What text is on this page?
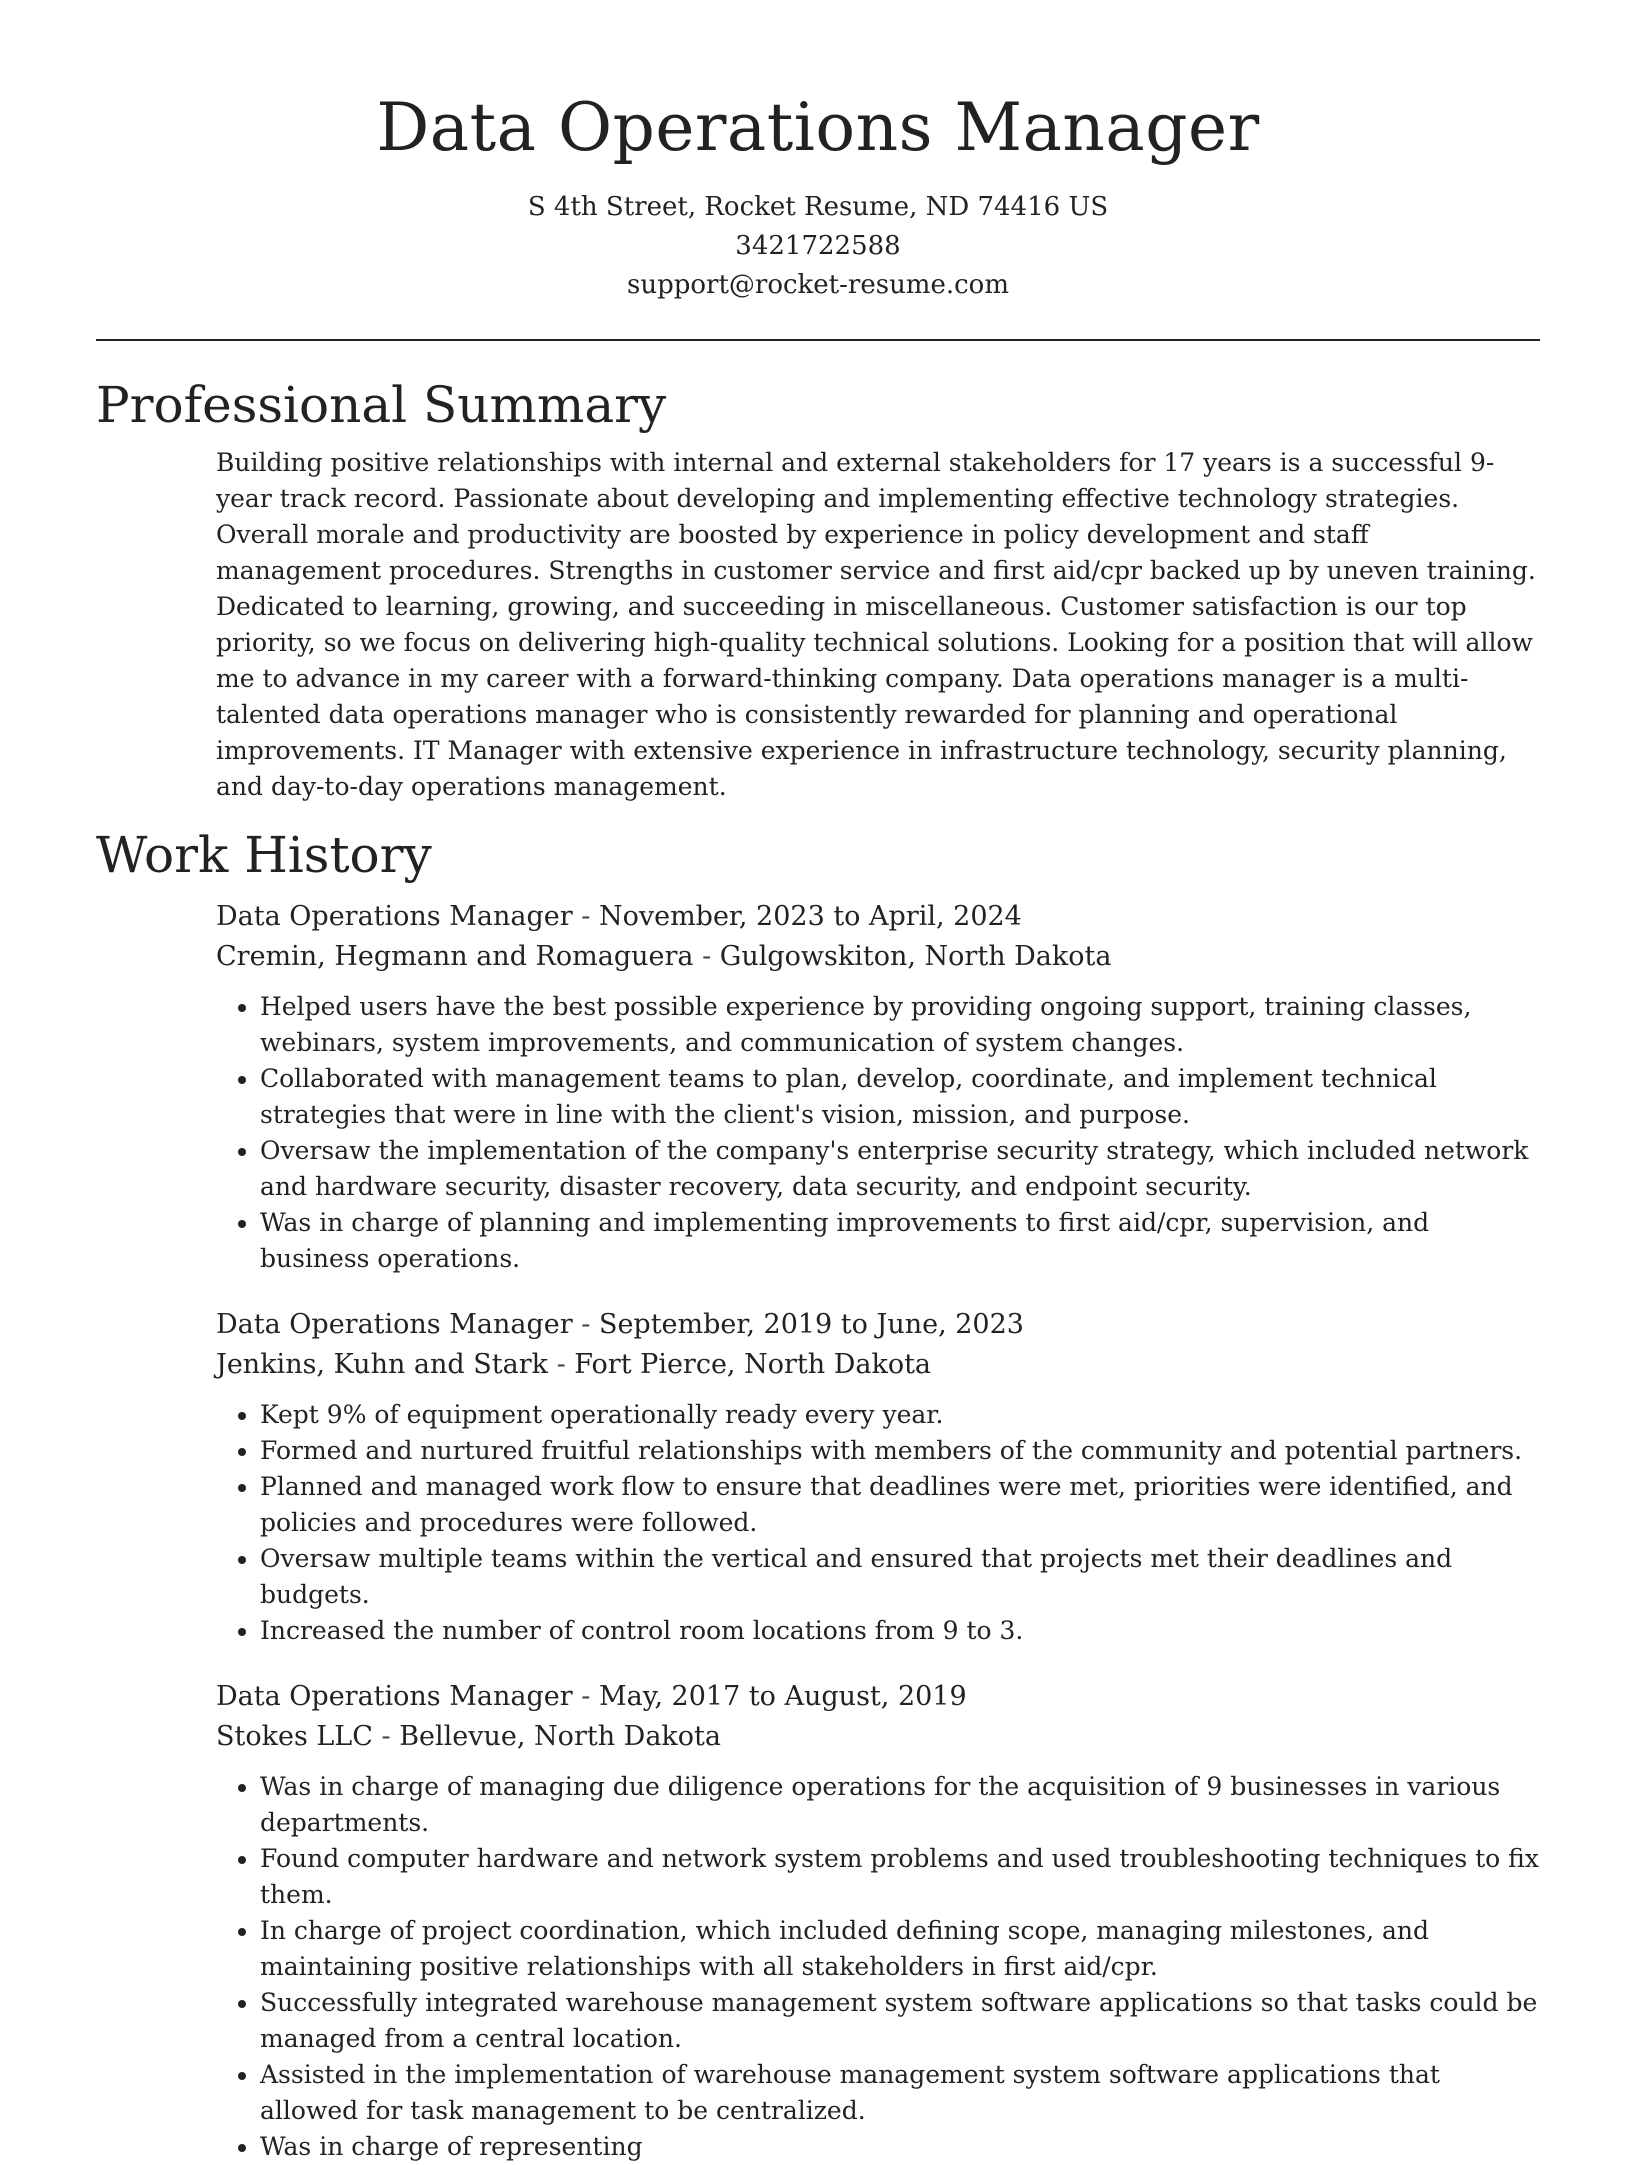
Data Operations Manager
S 4th Street, Rocket Resume, ND 74416 US
3421722588
support@rocket-resume.com
Professional Summary
Building positive relationships with internal and external stakeholders for 17 years is a successful 9-year track record. Passionate about developing and implementing effective technology strategies. Overall morale and productivity are boosted by experience in policy development and staff management procedures. Strengths in customer service and first aid/cpr backed up by uneven training. Dedicated to learning, growing, and succeeding in miscellaneous. Customer satisfaction is our top priority, so we focus on delivering high-quality technical solutions. Looking for a position that will allow me to advance in my career with a forward-thinking company. Data operations manager is a multi-talented data operations manager who is consistently rewarded for planning and operational improvements. IT Manager with extensive experience in infrastructure technology, security planning, and day-to-day operations management.
Work History
Data Operations Manager - November, 2023 to April, 2024
Cremin, Hegmann and Romaguera - Gulgowskiton, North Dakota
• Helped users have the best possible experience by providing ongoing support, training classes, webinars, system improvements, and communication of system changes.
• Collaborated with management teams to plan, develop, coordinate, and implement technical strategies that were in line with the client's vision, mission, and purpose.
• Oversaw the implementation of the company's enterprise security strategy, which included network and hardware security, disaster recovery, data security, and endpoint security.
• Was in charge of planning and implementing improvements to first aid/cpr, supervision, and business operations.
Data Operations Manager - September, 2019 to June, 2023
Jenkins, Kuhn and Stark - Fort Pierce, North Dakota
• Kept 9% of equipment operationally ready every year.
• Formed and nurtured fruitful relationships with members of the community and potential partners.
• Planned and managed work flow to ensure that deadlines were met, priorities were identified, and policies and procedures were followed.
• Oversaw multiple teams within the vertical and ensured that projects met their deadlines and budgets.
• Increased the number of control room locations from 9 to 3.
Data Operations Manager - May, 2017 to August, 2019
Stokes LLC - Bellevue, North Dakota
• Was in charge of managing due diligence operations for the acquisition of 9 businesses in various departments.
• Found computer hardware and network system problems and used troubleshooting techniques to fix them.
• In charge of project coordination, which included defining scope, managing milestones, and maintaining positive relationships with all stakeholders in first aid/cpr.
• Successfully integrated warehouse management system software applications so that tasks could be managed from a central location.
• Assisted in the implementation of warehouse management system software applications that allowed for task management to be centralized.
• Was in charge of representing
